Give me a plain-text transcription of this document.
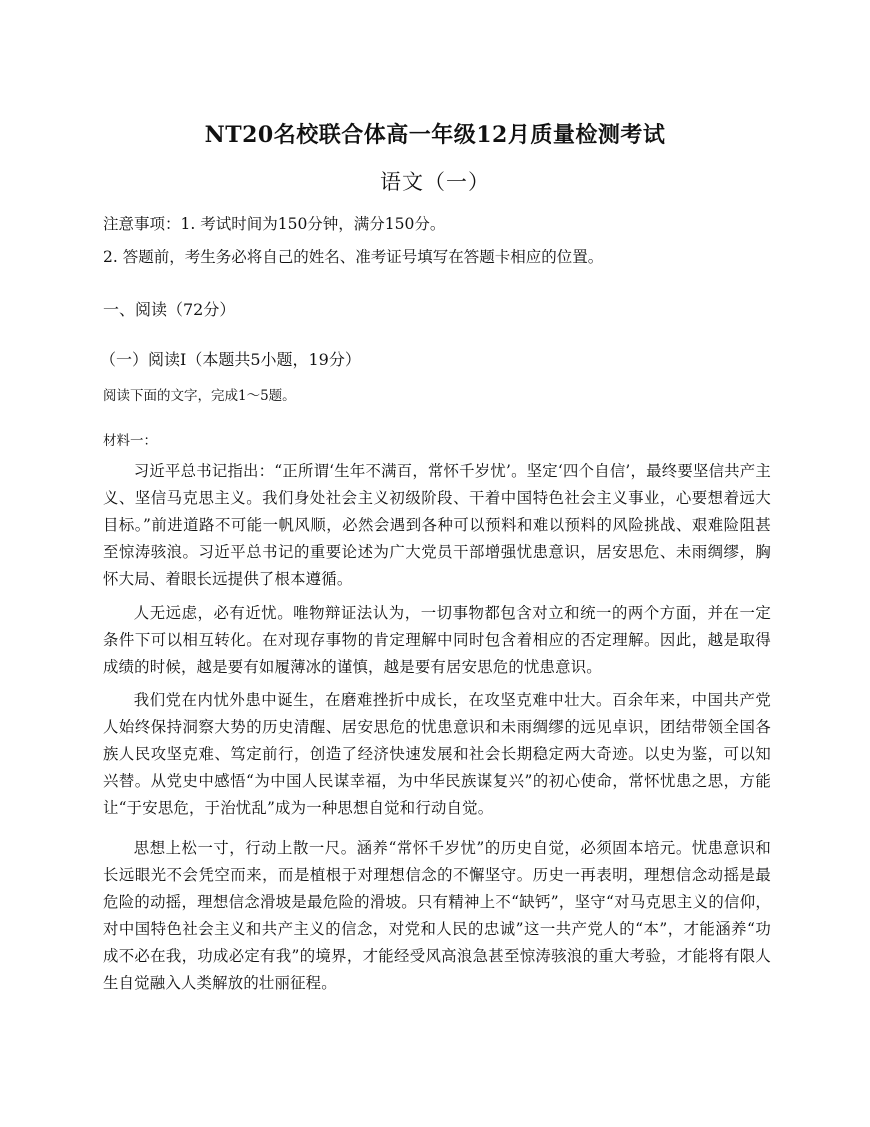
NT20名校联合体高一年级12月质量检测考试
语文（一）
注意事项：1. 考试时间为150分钟，满分150分。
2. 答题前，考生务必将自己的姓名、准考证号填写在答题卡相应的位置。
一、阅读（72分）
（一）阅读Ⅰ（本题共5小题，19分）
阅读下面的文字，完成1～5题。
材料一：
习近平总书记指出：“正所谓‘生年不满百，常怀千岁忧’。坚定‘四个自信’，最终要坚信共产主义、坚信马克思主义。我们身处社会主义初级阶段、干着中国特色社会主义事业，心要想着远大目标。”前进道路不可能一帆风顺，必然会遇到各种可以预料和难以预料的风险挑战、艰难险阻甚至惊涛骇浪。习近平总书记的重要论述为广大党员干部增强忧患意识，居安思危、未雨绸缪，胸怀大局、着眼长远提供了根本遵循。
人无远虑，必有近忧。唯物辩证法认为，一切事物都包含对立和统一的两个方面，并在一定条件下可以相互转化。在对现存事物的肯定理解中同时包含着相应的否定理解。因此，越是取得成绩的时候，越是要有如履薄冰的谨慎，越是要有居安思危的忧患意识。
我们党在内忧外患中诞生，在磨难挫折中成长，在攻坚克难中壮大。百余年来，中国共产党人始终保持洞察大势的历史清醒、居安思危的忧患意识和未雨绸缪的远见卓识，团结带领全国各族人民攻坚克难、笃定前行，创造了经济快速发展和社会长期稳定两大奇迹。以史为鉴，可以知兴替。从党史中感悟“为中国人民谋幸福，为中华民族谋复兴”的初心使命，常怀忧患之思，方能让“于安思危，于治忧乱”成为一种思想自觉和行动自觉。
思想上松一寸，行动上散一尺。涵养“常怀千岁忧”的历史自觉，必须固本培元。忧患意识和长远眼光不会凭空而来，而是植根于对理想信念的不懈坚守。历史一再表明，理想信念动摇是最危险的动摇，理想信念滑坡是最危险的滑坡。只有精神上不“缺钙”，坚守“对马克思主义的信仰，对中国特色社会主义和共产主义的信念，对党和人民的忠诚”这一共产党人的“本”，才能涵养“功成不必在我，功成必定有我”的境界，才能经受风高浪急甚至惊涛骇浪的重大考验，才能将有限人生自觉融入人类解放的壮丽征程。
